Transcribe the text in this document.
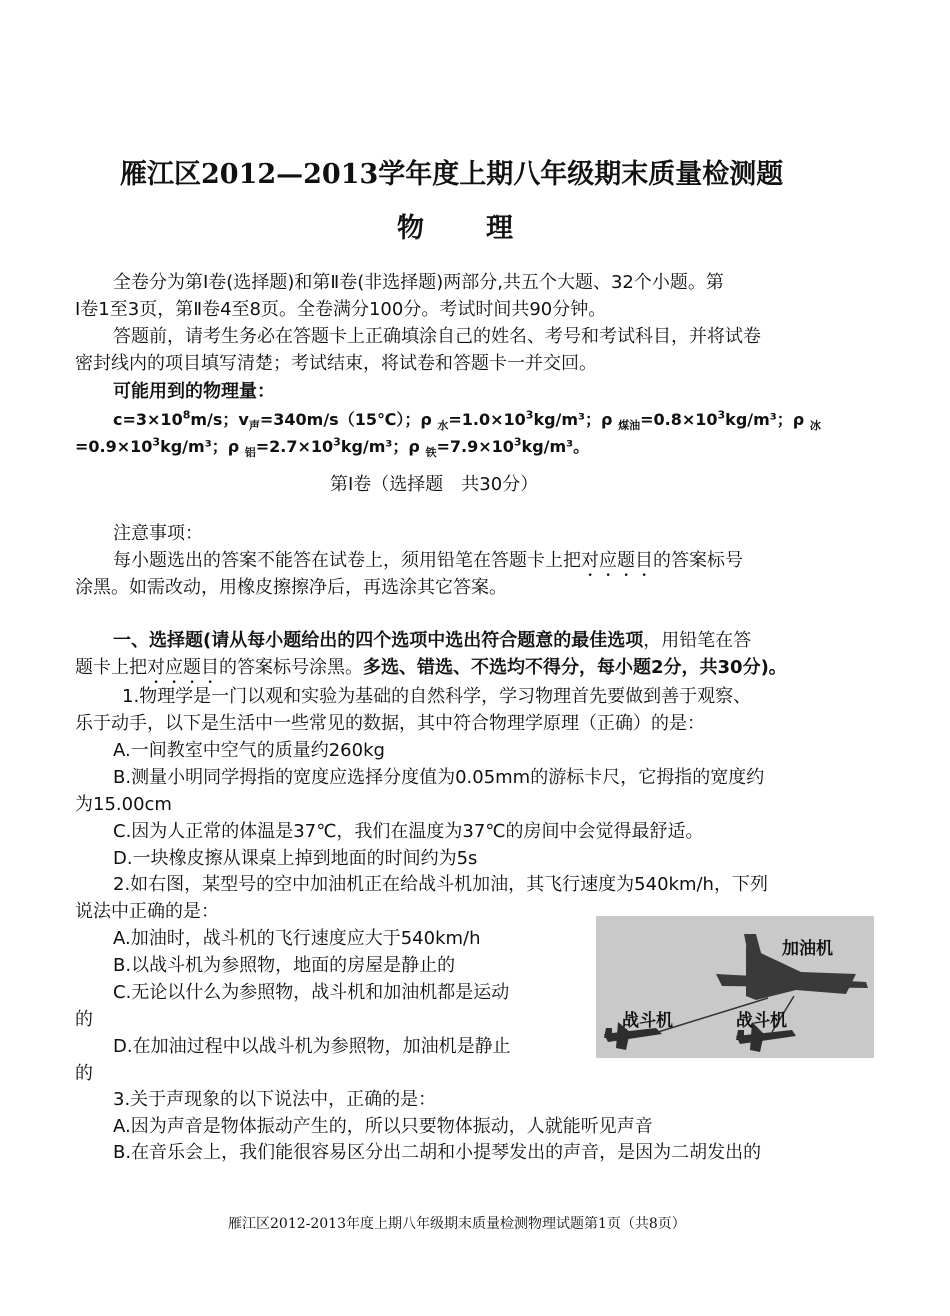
雁江区2012—2013学年度上期八年级期末质量检测题
物理
全卷分为第Ⅰ卷(选择题)和第Ⅱ卷(非选择题)两部分,共五个大题、32个小题。第
Ⅰ卷1至3页，第Ⅱ卷4至8页。全卷满分100分。考试时间共90分钟。
答题前，请考生务必在答题卡上正确填涂自己的姓名、考号和考试科目，并将试卷
密封线内的项目填写清楚；考试结束，将试卷和答题卡一并交回。
可能用到的物理量：
$c=3\times 10^8m/s$；$v_声=340m/s(15℃)$；ρ $_水=1.0\times 10^3kg/m^3$；ρ $_{煤油}=0.8\times 10^3kg/m^3$；ρ $_冰$
$=0.9\times 10^3kg/m^3$；ρ $_铝=2.7\times 10^3kg/m^3$；ρ $_铁=7.9\times 10^3kg/m^3$。
第Ⅰ卷（选择题　共30分）
注意事项：
每小题选出的答案不能答在试卷上，须用铅笔在答题卡上把对应题目的答案标号
涂黑。如需改动，用橡皮擦擦净后，再选涂其它答案。
一、选择题(请从每小题给出的四个选项中选出符合题意的最佳选项，用铅笔在答
题卡上把对应题目的答案标号涂黑。多选、错选、不选均不得分，每小题2分，共30分)。
1.物理学是一门以观和实验为基础的自然科学，学习物理首先要做到善于观察、
乐于动手，以下是生活中一些常见的数据，其中符合物理学原理（正确）的是：
A.一间教室中空气的质量约260kg
B.测量小明同学拇指的宽度应选择分度值为0.05mm的游标卡尺，它拇指的宽度约
为15.00cm
C.因为人正常的体温是37℃，我们在温度为37℃的房间中会觉得最舒适。
D.一块橡皮擦从课桌上掉到地面的时间约为5s
2.如右图，某型号的空中加油机正在给战斗机加油，其飞行速度为540km/h，下列
说法中正确的是：
A.加油时，战斗机的飞行速度应大于540km/h
B.以战斗机为参照物，地面的房屋是静止的
C.无论以什么为参照物，战斗机和加油机都是运动
的
D.在加油过程中以战斗机为参照物，加油机是静止
的
加油机
战斗机	战斗机
3.关于声现象的以下说法中，正确的是：
A.因为声音是物体振动产生的，所以只要物体振动，人就能听见声音
B.在音乐会上，我们能很容易区分出二胡和小提琴发出的声音，是因为二胡发出的
雁江区2012-2013年度上期八年级期末质量检测物理试题第1页（共8页）
